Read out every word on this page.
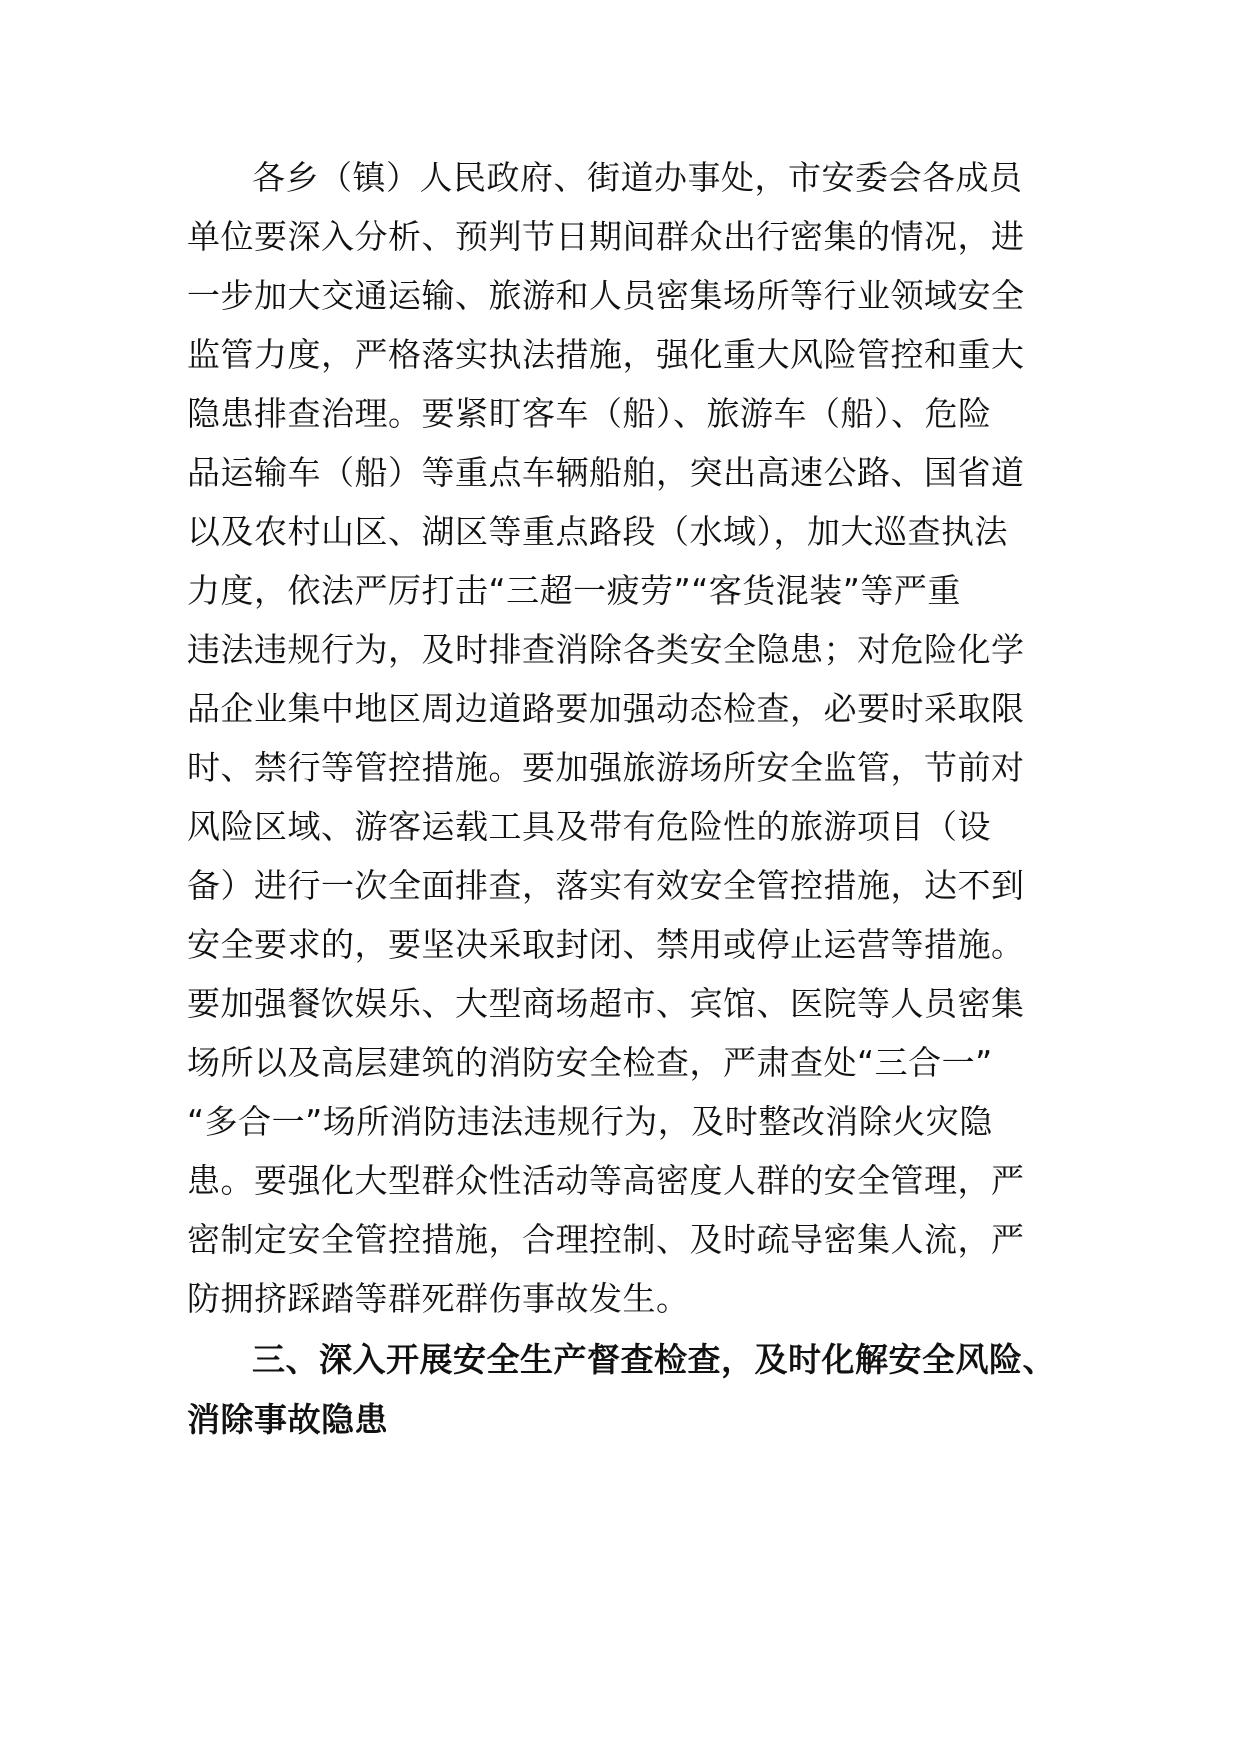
各乡（镇）人民政府、街道办事处，市安委会各成员
单位要深入分析、预判节日期间群众出行密集的情况，进
一步加大交通运输、旅游和人员密集场所等行业领域安全
监管力度，严格落实执法措施，强化重大风险管控和重大
隐患排查治理。要紧盯客车（船）、旅游车（船）、危险
品运输车（船）等重点车辆船舶，突出高速公路、国省道
以及农村山区、湖区等重点路段（水域），加大巡查执法
力度，依法严厉打击“三超一疲劳”“客货混装”等严重
违法违规行为，及时排查消除各类安全隐患；对危险化学
品企业集中地区周边道路要加强动态检查，必要时采取限
时、禁行等管控措施。要加强旅游场所安全监管，节前对
风险区域、游客运载工具及带有危险性的旅游项目（设
备）进行一次全面排查，落实有效安全管控措施，达不到
安全要求的，要坚决采取封闭、禁用或停止运营等措施。
要加强餐饮娱乐、大型商场超市、宾馆、医院等人员密集
场所以及高层建筑的消防安全检查，严肃查处“三合一”
“多合一”场所消防违法违规行为，及时整改消除火灾隐
患。要强化大型群众性活动等高密度人群的安全管理，严
密制定安全管控措施，合理控制、及时疏导密集人流，严
防拥挤踩踏等群死群伤事故发生。
三、深入开展安全生产督查检查，及时化解安全风险、
消除事故隐患
